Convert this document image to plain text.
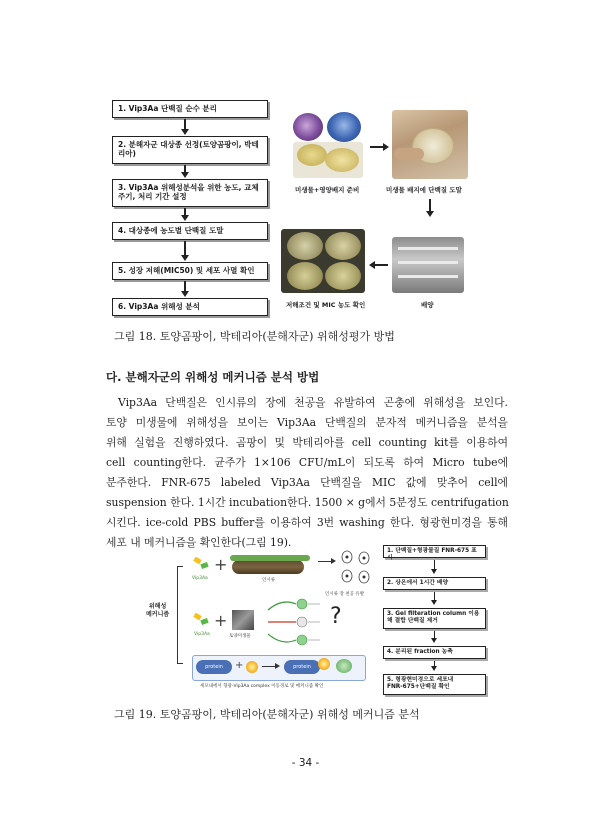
1. Vip3Aa 단백질 순수 분리
2. 분해자군 대상종 선정(토양곰팡이, 박테리아)
3. Vip3Aa 위해성분석을 위한 농도, 교체주기, 처리 기간 설정
4. 대상종에 농도별 단백질 도말
5. 성장 저해(MIC50) 및 세포 사멸 확인
6. Vip3Aa 위해성 분석
미생물+영양배지 준비	미생물 배지에 단백질 도말
저해조건 및 MIC 농도 확인	배양
그림 18. 토양곰팡이, 박테리아(분해자군) 위해성평가 방법
다. 분해자군의 위해성 메커니즘 분석 방법
Vip3Aa 단백질은 인시류의 장에 천공을 유발하여 곤충에 위해성을 보인다.
토양 미생물에 위해성을 보이는 Vip3Aa 단백질의 분자적 메커니즘을 분석을
위해 실험을 진행하였다. 곰팡이 및 박테리아를 cell counting kit를 이용하여
cell counting한다. 균주가 1×106 CFU/mL이 되도록 하여 Micro tube에
분주한다. FNR-675 labeled Vip3Aa 단백질을 MIC 값에 맞추어 cell에
suspension 한다. 1시간 incubation한다. 1500 × g에서 5분정도 centrifugation
시킨다. ice-cold PBS buffer를 이용하여 3번 washing 한다. 형광현미경을 통해
세포 내 메커니즘을 확인한다(그림 19).
위해성
메커니즘
Vip3Aa
+
인시류
인시류 장 천공 유발
Vip3Aa
+
토양미생물
?
protein	+	protein
세포내에서 형광-Vip3Aa complex 이동경로 및 메커니즘 확인
1. 단백질+형광물질 FNR-675 표시
2. 상온에서 1시간 배양
3. Gel filteration column 이용
해 결합 단백질 제거
4. 분리된 fraction 농축
5. 형광현미경으로 세포내
FNR-675+단백질 확인
그림 19. 토양곰팡이, 박테리아(분해자군) 위해성 메커니즘 분석
- 34 -
